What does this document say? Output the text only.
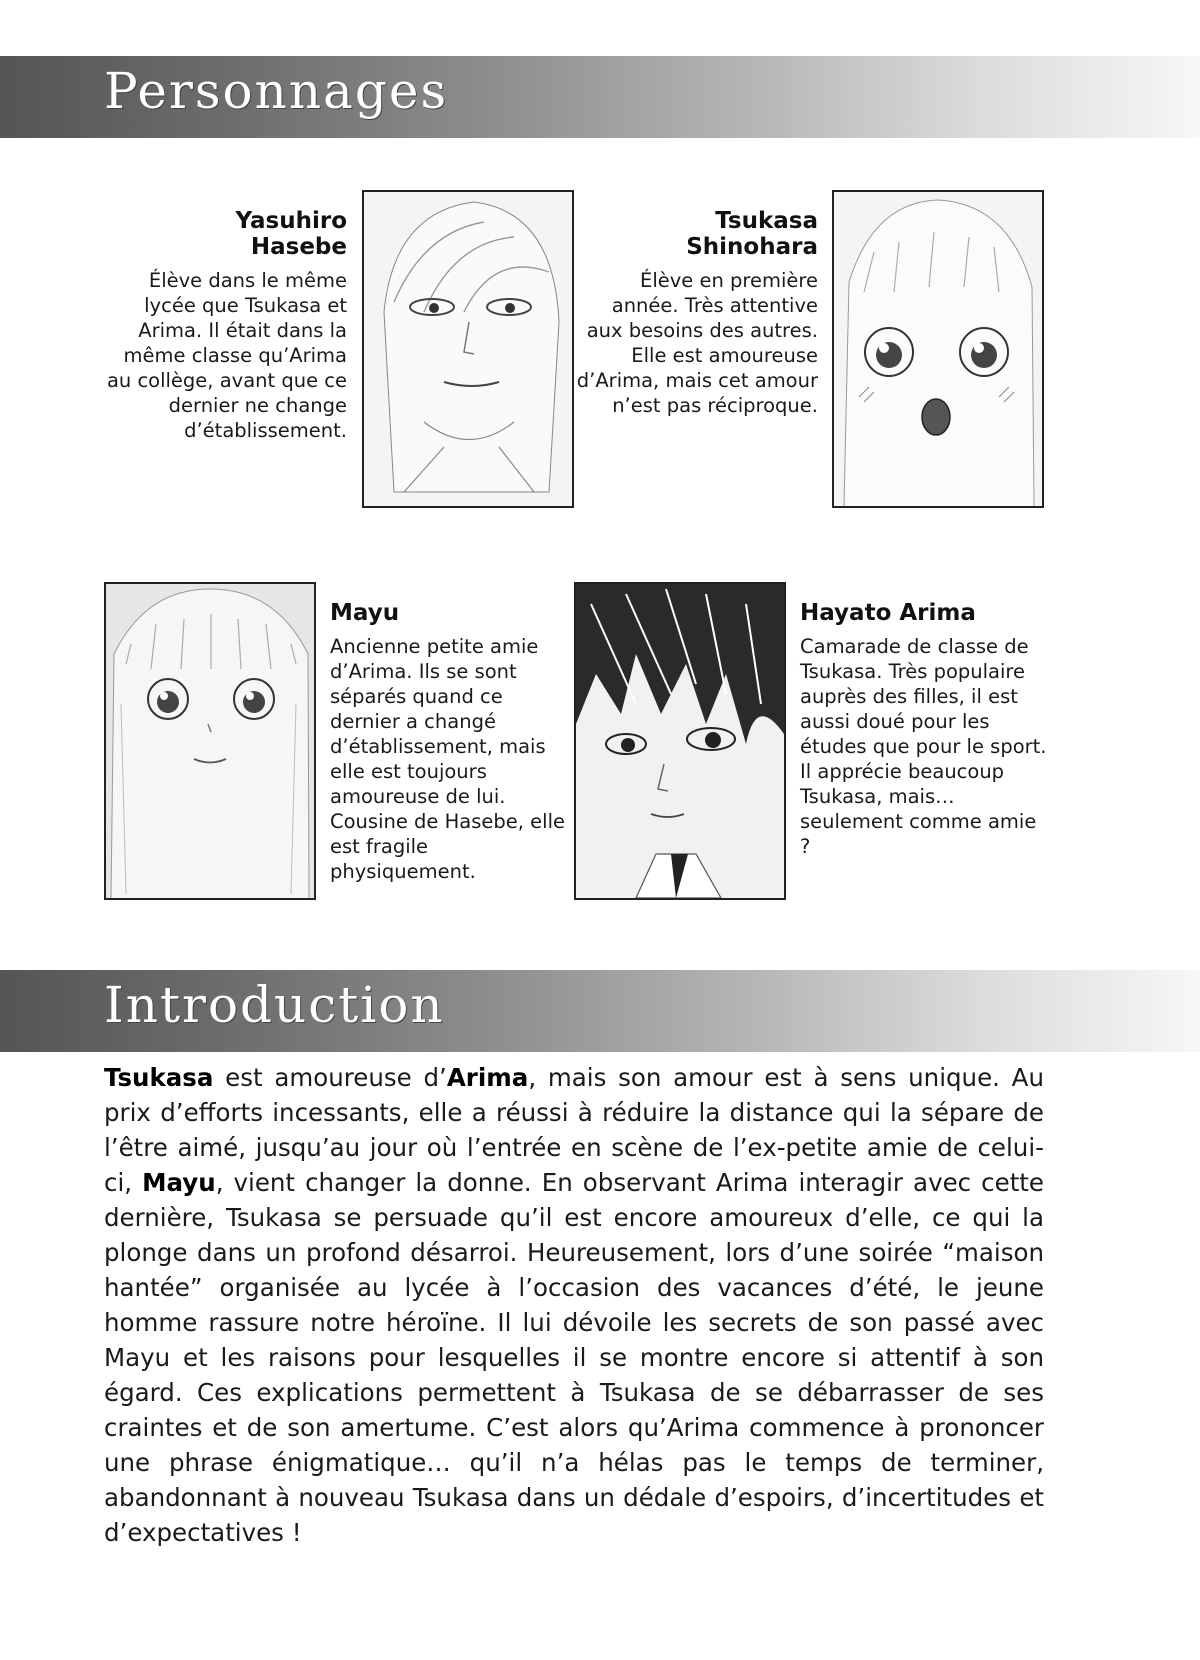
Personnages
Yasuhiro
Hasebe
Élève dans le même lycée que Tsukasa et Arima. Il était dans la même classe qu’Arima au collège, avant que ce dernier ne change d’établissement.
Tsukasa
Shinohara
Élève en première année. Très attentive aux besoins des autres. Elle est amoureuse d’Arima, mais cet amour n’est pas réciproque.
Mayu
Ancienne petite amie d’Arima. Ils se sont séparés quand ce dernier a changé d’établissement, mais elle est toujours amoureuse de lui. Cousine de Hasebe, elle est fragile physiquement.
Hayato Arima
Camarade de classe de Tsukasa. Très populaire auprès des filles, il est aussi doué pour les études que pour le sport. Il apprécie beaucoup Tsukasa, mais… seulement comme amie ?
Introduction
Tsukasa est amoureuse d’Arima, mais son amour est à sens unique. Au prix d’efforts incessants, elle a réussi à réduire la distance qui la sépare de l’être aimé, jusqu’au jour où l’entrée en scène de l’ex-petite amie de celui-ci, Mayu, vient changer la donne. En observant Arima interagir avec cette dernière, Tsukasa se persuade qu’il est encore amoureux d’elle, ce qui la plonge dans un profond désarroi. Heureusement, lors d’une soirée “maison hantée” organisée au lycée à l’occasion des vacances d’été, le jeune homme rassure notre héroïne. Il lui dévoile les secrets de son passé avec Mayu et les raisons pour lesquelles il se montre encore si attentif à son égard. Ces explications permettent à Tsukasa de se débarrasser de ses craintes et de son amertume. C’est alors qu’Arima commence à prononcer une phrase énigmatique… qu’il n’a hélas pas le temps de terminer, abandonnant à nouveau Tsukasa dans un dédale d’espoirs, d’incertitudes et d’expectatives !
